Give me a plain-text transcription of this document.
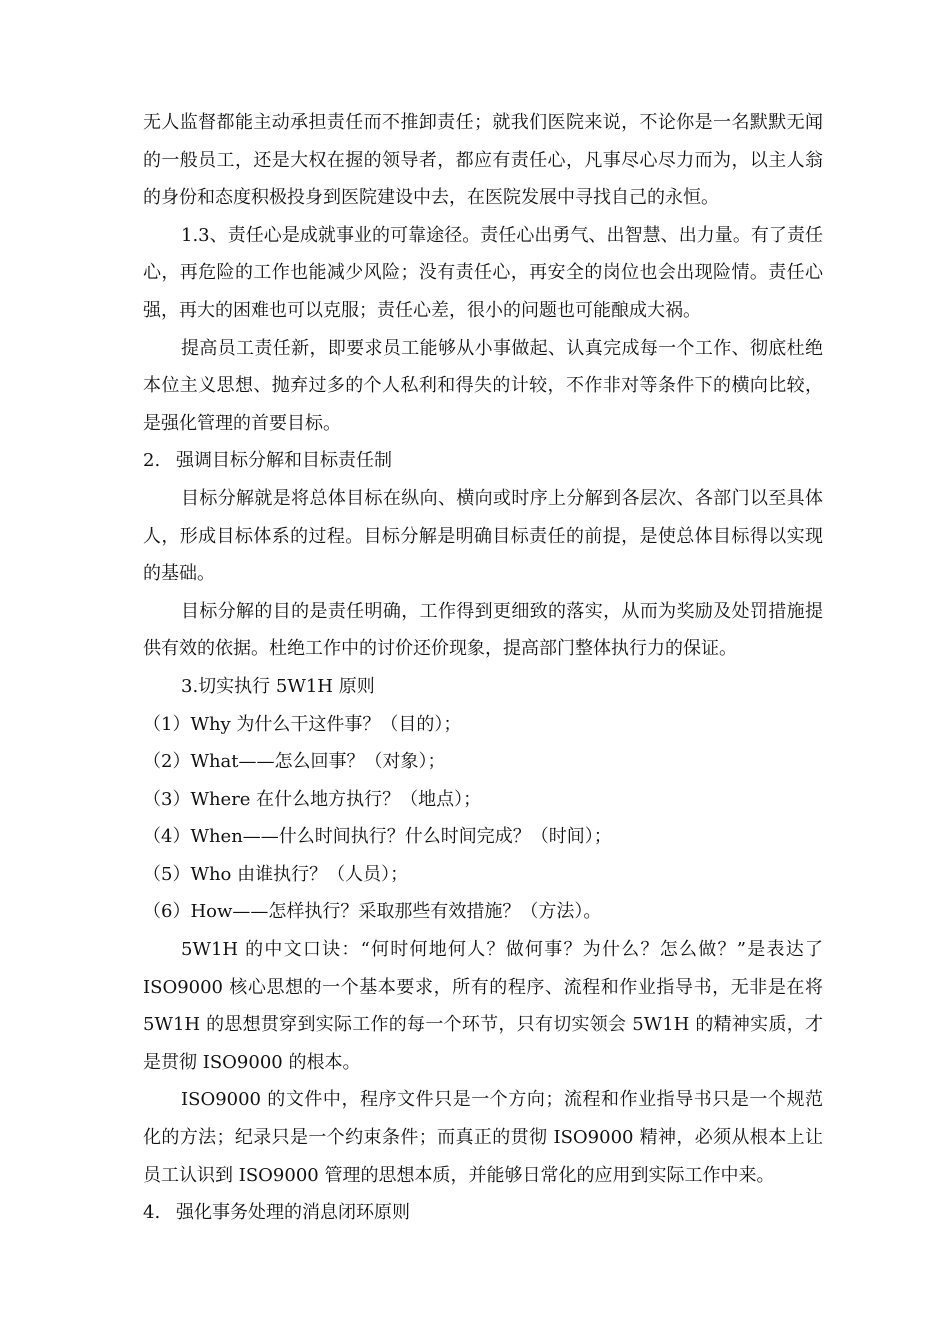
无人监督都能主动承担责任而不推卸责任；就我们医院来说，不论你是一名默默无闻的一般员工，还是大权在握的领导者，都应有责任心，凡事尽心尽力而为，以主人翁的身份和态度积极投身到医院建设中去，在医院发展中寻找自己的永恒。

1.3、责任心是成就事业的可靠途径。责任心出勇气、出智慧、出力量。有了责任心，再危险的工作也能减少风险；没有责任心，再安全的岗位也会出现险情。责任心强，再大的困难也可以克服；责任心差，很小的问题也可能酿成大祸。

提高员工责任新，即要求员工能够从小事做起、认真完成每一个工作、彻底杜绝本位主义思想、抛弃过多的个人私利和得失的计较，不作非对等条件下的横向比较，是强化管理的首要目标。

2. 强调目标分解和目标责任制

目标分解就是将总体目标在纵向、横向或时序上分解到各层次、各部门以至具体人，形成目标体系的过程。目标分解是明确目标责任的前提，是使总体目标得以实现的基础。

目标分解的目的是责任明确，工作得到更细致的落实，从而为奖励及处罚措施提供有效的依据。杜绝工作中的讨价还价现象，提高部门整体执行力的保证。

3.切实执行 5W1H 原则

（1）Why 为什么干这件事？（目的）；

（2）What——怎么回事？（对象）；

（3）Where 在什么地方执行？（地点）；

（4）When——什么时间执行？什么时间完成？（时间）；

（5）Who 由谁执行？（人员）；

（6）How——怎样执行？采取那些有效措施？（方法）。

5W1H 的中文口诀：“何时何地何人？做何事？为什么？怎么做？”是表达了 ISO9000 核心思想的一个基本要求，所有的程序、流程和作业指导书，无非是在将 5W1H 的思想贯穿到实际工作的每一个环节，只有切实领会 5W1H 的精神实质，才是贯彻 ISO9000 的根本。

ISO9000 的文件中，程序文件只是一个方向；流程和作业指导书只是一个规范化的方法；纪录只是一个约束条件；而真正的贯彻 ISO9000 精神，必须从根本上让员工认识到 ISO9000 管理的思想本质，并能够日常化的应用到实际工作中来。

4. 强化事务处理的消息闭环原则
